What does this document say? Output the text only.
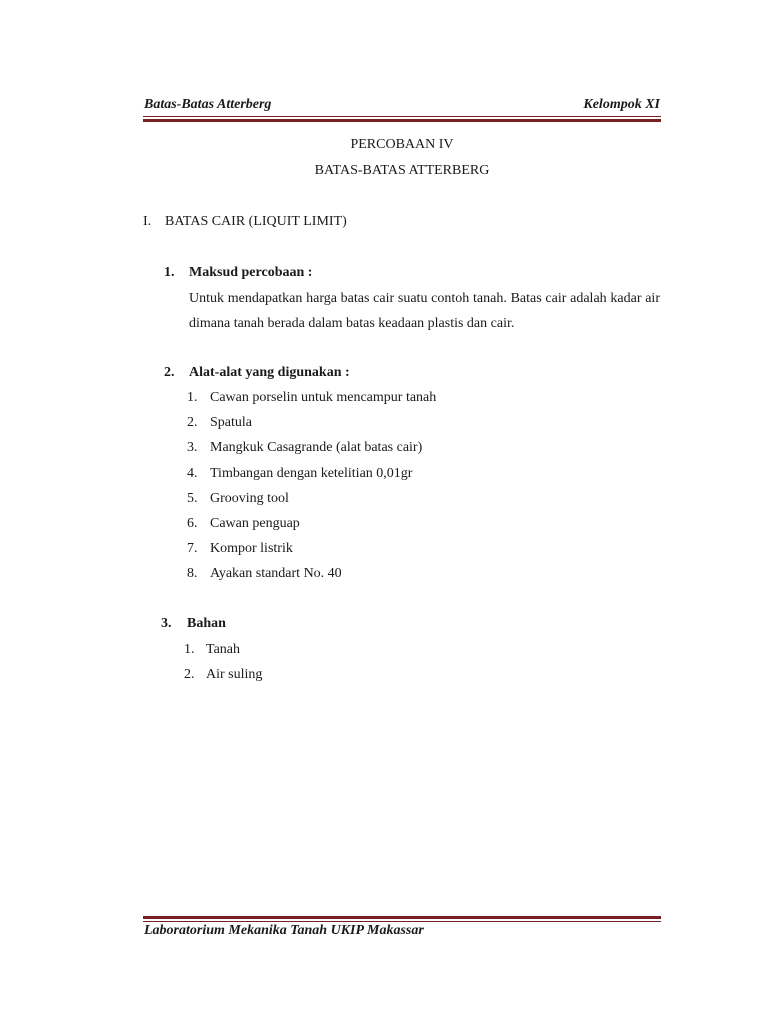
Batas-Batas Atterberg	Kelompok XI
PERCOBAAN IV
BATAS-BATAS ATTERBERG
I. BATAS CAIR (LIQUIT LIMIT)
1. Maksud percobaan :
Untuk mendapatkan harga batas cair suatu contoh tanah. Batas cair adalah kadar air dimana tanah berada dalam batas keadaan plastis dan cair.
2. Alat-alat yang digunakan :
1. Cawan porselin untuk mencampur tanah
2. Spatula
3. Mangkuk Casagrande (alat batas cair)
4. Timbangan dengan ketelitian 0,01gr
5. Grooving tool
6. Cawan penguap
7. Kompor listrik
8. Ayakan standart No. 40
3. Bahan
1. Tanah
2. Air suling
Laboratorium Mekanika Tanah UKIP Makassar
